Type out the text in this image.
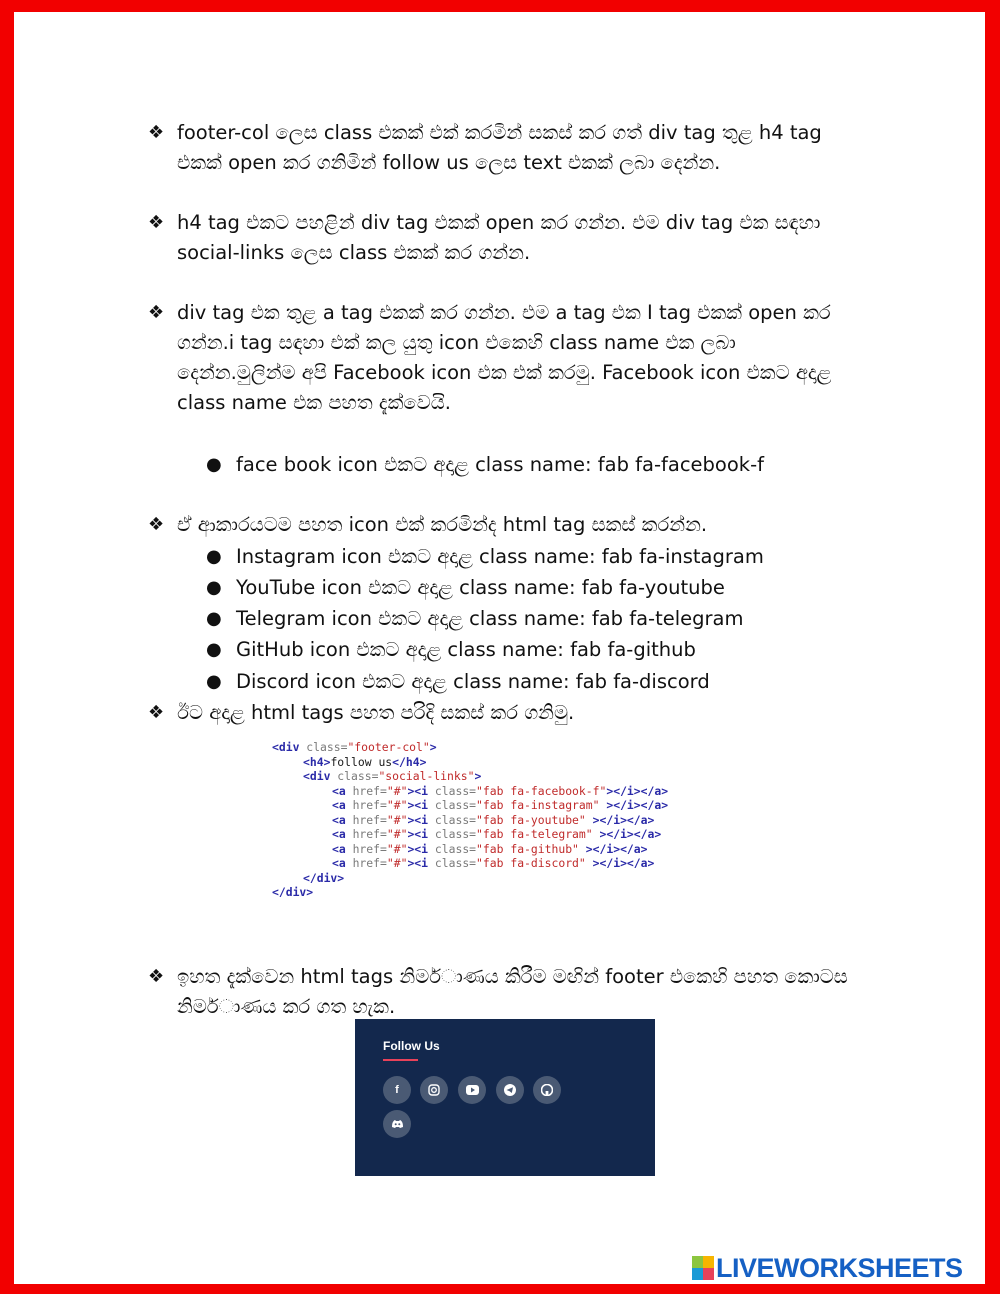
❖ footer-col ලෙස class එකක් එක් කරමින් සකස් කර ගත් div tag තුළ h4 tag
එකක් open කර ගනිමින් follow us ලෙස text එකක් ලබා දෙන්න.
❖ h4 tag එකට පහළින් div tag එකක් open කර ගන්න. එම div tag එක සඳහා
social-links ලෙස class එකක් කර ගන්න.
❖ div tag එක තුළ a tag එකක් කර ගන්න. එම a tag එක I tag එකක් open කර
ගන්න.i tag සඳහා එක් කල යුතු icon එකෙහි class name එක ලබා
දෙන්න.මුලින්ම අපි Facebook icon එක එක් කරමු. Facebook icon එකට අදාළ
class name එක පහත දැක්වෙයි.
● face book icon එකට අදාළ class name: fab fa-facebook-f
❖ ඒ ආකාරයටම පහත icon එක් කරමින්ද html tag සකස් කරන්න.
● Instagram icon එකට අදාළ class name: fab fa-instagram
● YouTube icon එකට අදාළ class name: fab fa-youtube
● Telegram icon එකට අදාළ class name: fab fa-telegram
● GitHub icon එකට අදාළ class name: fab fa-github
● Discord icon එකට අදාළ class name: fab fa-discord
❖ ඊට අදාළ html tags පහත පරිදි සකස් කර ගනිමු.
<div class="footer-col">
<h4>follow us</h4>
<div class="social-links">
<a href="#"><i class="fab fa-facebook-f"></i></a>
<a href="#"><i class="fab fa-instagram" ></i></a>
<a href="#"><i class="fab fa-youtube" ></i></a>
<a href="#"><i class="fab fa-telegram" ></i></a>
<a href="#"><i class="fab fa-github" ></i></a>
<a href="#"><i class="fab fa-discord" ></i></a>
</div>
</div>
❖ ඉහත දැක්වෙන html tags නිමර්ාණය කිරීම මඟින් footer එකෙහි පහත කොටස
නිමර්ාණය කර ගත හැක.
Follow Us
f
LIVEWORKSHEETS
